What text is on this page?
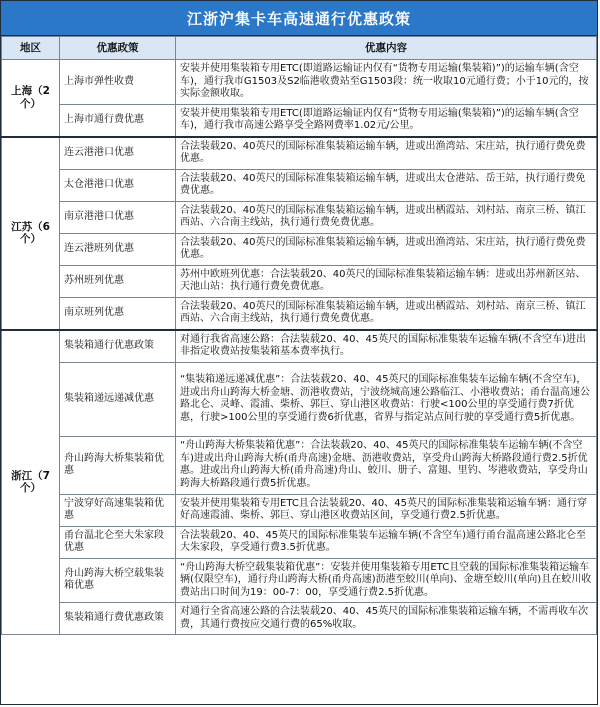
江浙沪集卡车高速通行优惠政策
地区	优惠政策	优惠内容
上海（2个）	上海市弹性收费	安装并使用集装箱专用ETC(即道路运输证内仅有“货物专用运输(集装箱)”)的运输车辆(含空车)，通行我市G1503及S2临港收费站至G1503段：统一收取10元通行费；小于10元的，按实际金额收取。
	上海市通行费优惠	安装并使用集装箱专用ETC(即道路运输证内仅有“货物专用运输(集装箱)”)的运输车辆(含空车)，通行我市高速公路享受全路网费率1.02元/公里。
江苏（6个）	连云港港口优惠	合法装载20、40英尺的国际标准集装箱运输车辆，进或出渔湾站、宋庄站，执行通行费免费优惠。
	太仓港港口优惠	合法装载20、40英尺的国际标准集装箱运输车辆，进或出太仓港站、岳王站，执行通行费免费优惠。
	南京港港口优惠	合法装载20、40英尺的国际标准集装箱运输车辆，进或出栖霞站、刘村站、南京三桥、镇江西站、六合南主线站，执行通行费免费优惠。
	连云港班列优惠	合法装载20、40英尺的国际标准集装箱运输车辆，进或出渔湾站、宋庄站，执行通行费免费优惠。
	苏州班列优惠	苏州中欧班列优惠：合法装载20、40英尺的国际标准集装箱运输车辆：进或出苏州新区站、天池山站：执行通行费免费优惠。
	南京班列优惠	合法装载20、40英尺的国际标准集装箱运输车辆，进或出栖霞站、刘村站、南京三桥、镇江西站、六合南主线站，执行通行费免费优惠。
浙江（7个）	集装箱通行优惠政策	对通行我省高速公路：合法装载20、40、45英尺的国际标准集装车运输车辆(不含空车)进出非指定收费站按集装箱基本费率执行。
	集装箱递远递减优惠	“集装箱递远递减优惠”：合法装载20、40、45英尺的国际标准集装车运输车辆(不含空车)，进或出舟山跨海大桥金塘、沥港收费站，宁波绕城高速公路临江、小港收费站；甬台温高速公路北仑、灵峰、霞浦、柴桥、郭巨、穿山港区收费站：行驶<100公里的享受通行费7折优惠，行驶>100公里的享受通行费6折优惠，省界与指定站点间行驶的享受通行费5折优惠。
	舟山跨海大桥集装箱优惠	“舟山跨海大桥集装箱优惠”：合法装载20、40、45英尺的国际标准集装车运输车辆(不含空车)进或出舟山跨海大桥(甬舟高速)金塘、沥港收费站，享受舟山跨海大桥路段通行费2.5折优惠。进或出舟山跨海大桥(甬舟高速)舟山、蛟川、册子、富翅、里钓、岑港收费站，享受舟山跨海大桥路段通行费5折优惠。
	宁波穿好高速集装箱优惠	安装并使用集装箱专用ETC且合法装载20、40、45英尺的国际标准集装箱运输车辆：通行穿好高速霞浦、柴桥、郭巨、穿山港区收费站区间，享受通行费2.5折优惠。
	甬台温北仑至大朱家段优惠	合法装载20、40、45英尺的国际标准集装车运输车辆(不含空车)通行甬台温高速公路北仑至大朱家段，享受通行费3.5折优惠。
	舟山跨海大桥空载集装箱优惠	“舟山跨海大桥空载集装箱优惠”：安装并使用集装箱专用ETC且空载的国际标准集装箱运输车辆(仅限空车)，通行舟山跨海大桥(甬舟高速)沥港至蛟川(单向)、金塘至蛟川(单向)且在蛟川收费站出口时间为19：00-7：00，享受通行费2.5折优惠。
	集装箱通行费优惠政策	对通行全省高速公路的合法装载20、40、45英尺的国际标准集装箱运输车辆，不需再收车次费，其通行费按应交通行费的65%收取。
